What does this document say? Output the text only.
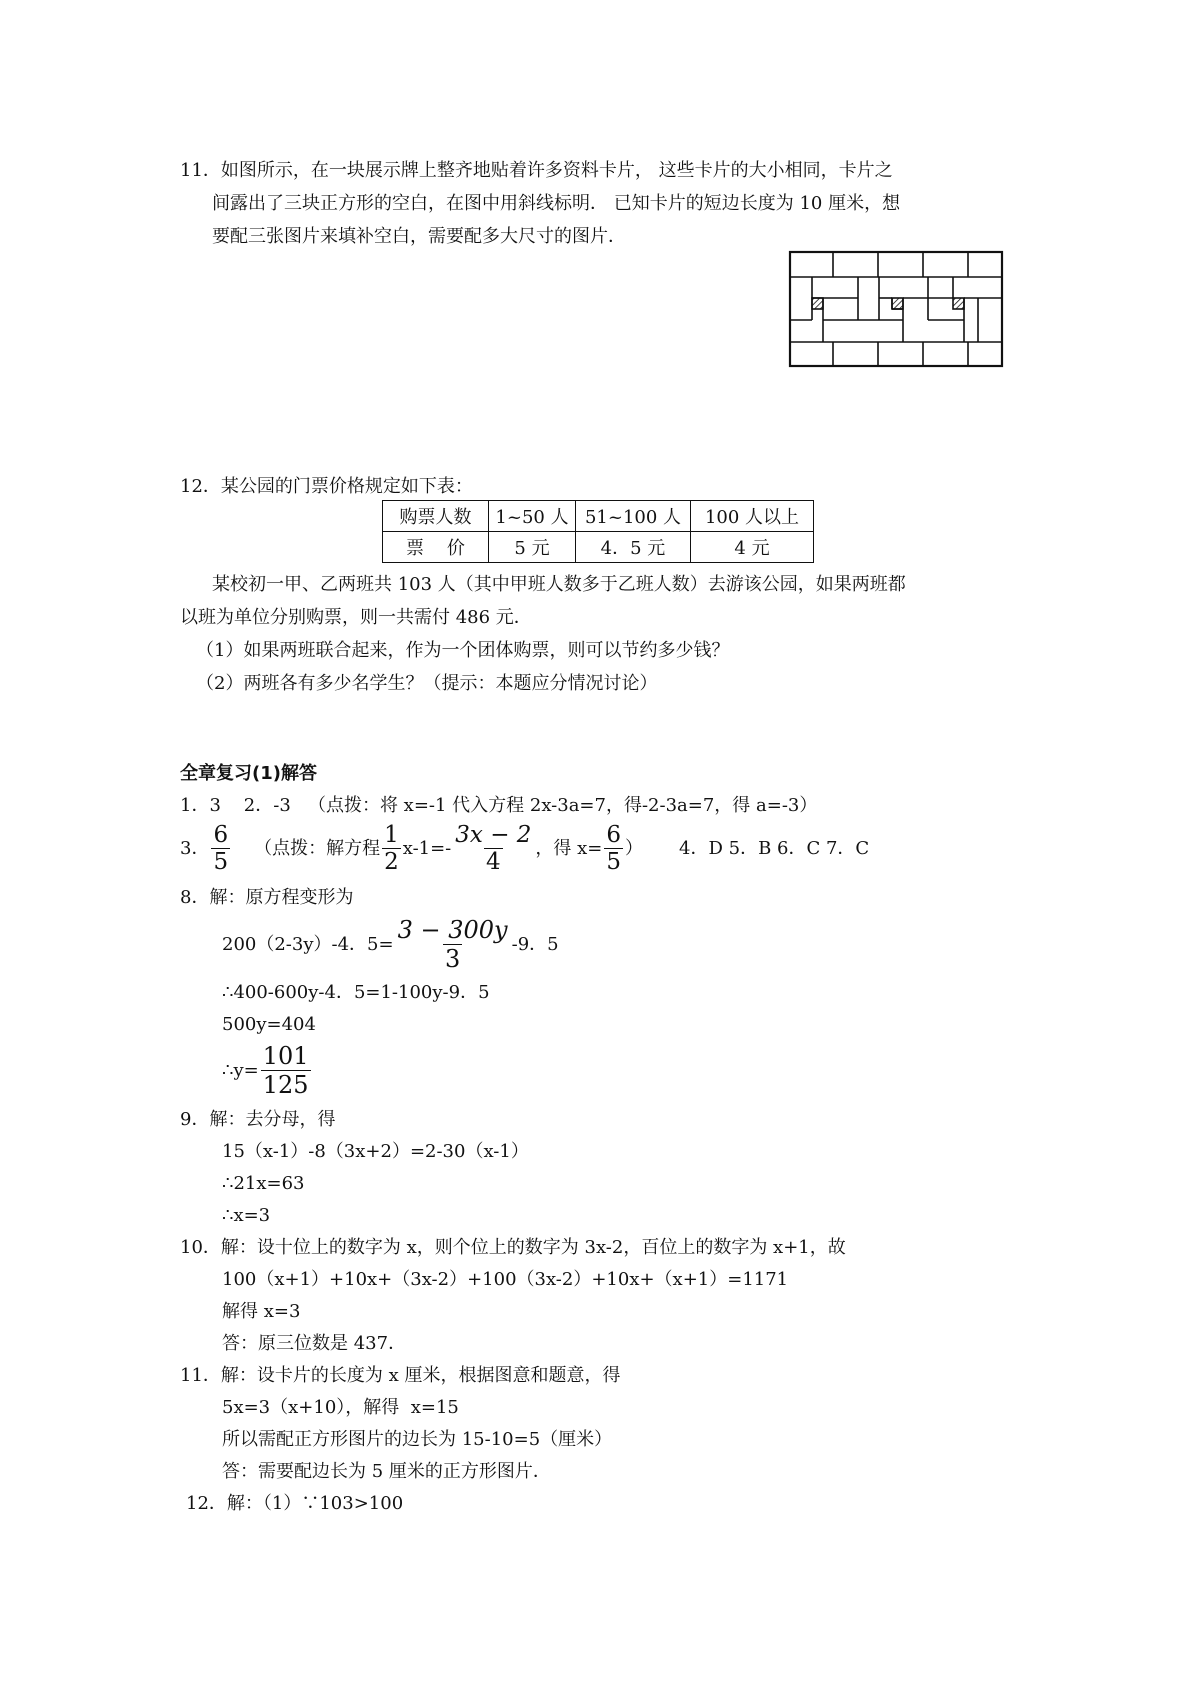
11．如图所示，在一块展示牌上整齐地贴着许多资料卡片， 这些卡片的大小相同，卡片之
间露出了三块正方形的空白，在图中用斜线标明． 已知卡片的短边长度为 10 厘米，想
要配三张图片来填补空白，需要配多大尺寸的图片．
12．某公园的门票价格规定如下表：
购票人数	1~50 人	51~100 人	100 人以上
票    价	5 元	4．5 元	4 元
某校初一甲、乙两班共 103 人（其中甲班人数多于乙班人数）去游该公园，如果两班都
以班为单位分别购票，则一共需付 486 元．
（1）如果两班联合起来，作为一个团体购票，则可以节约多少钱？
（2）两班各有多少名学生？（提示：本题应分情况讨论）
全章复习(1)解答
1．3    2．-3   （点拨：将 x=-1 代入方程 2x-3a=7，得-2-3a=7，得 a=-3）
3． $\frac{6}{5}$ （点拨：解方程 $\frac{1}{2} x-1=- \frac{3x - 2}{4}$ ，得 $x= \frac{6}{5}$ ） 4．D 5．B 6．C 7．C
8．解：原方程变形为
200（2-3y）-4．$5= \frac{3 - 300y}{3} -9$．5
∴400-600y-4．5=1-100y-9．5
500y=404
∴y= $\frac{101}{125}$
9．解：去分母，得
15（x-1）-8（3x+2）=2-30（x-1）
∴21x=63
∴x=3
10．解：设十位上的数字为 x，则个位上的数字为 3x-2，百位上的数字为 x+1，故
100（x+1）+10x+（3x-2）+100（3x-2）+10x+（x+1）=1171
解得 x=3
答：原三位数是 437．
11．解：设卡片的长度为 x 厘米，根据图意和题意，得
5x=3（x+10），解得  x=15
所以需配正方形图片的边长为 15-10=5（厘米）
答：需要配边长为 5 厘米的正方形图片．
12．解：（1）∵103>100
